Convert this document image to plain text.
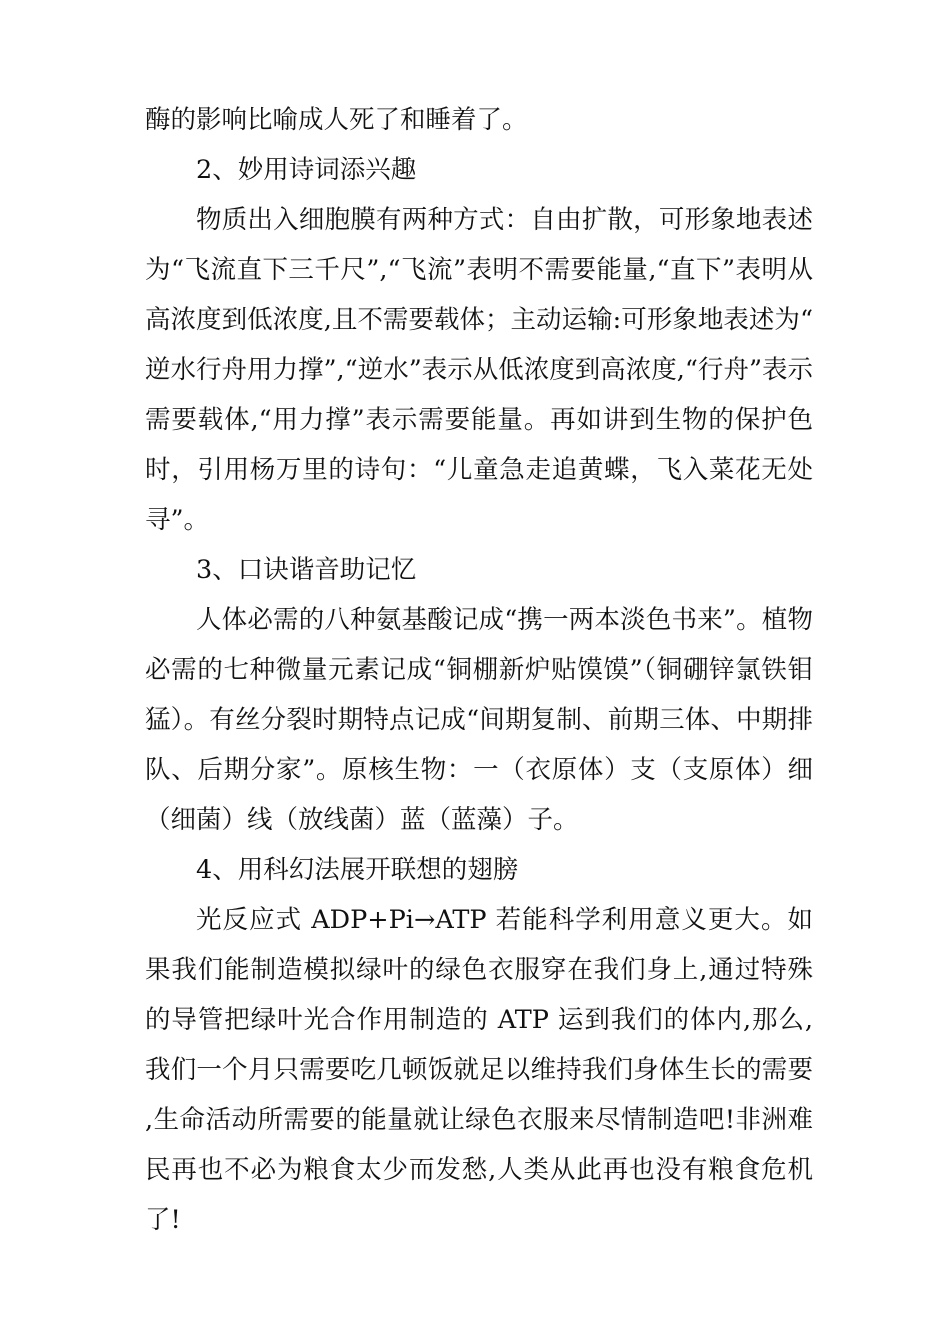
酶的影响比喻成人死了和睡着了。

2、妙用诗词添兴趣

物质出入细胞膜有两种方式：自由扩散，可形象地表述为“飞流直下三千尺”,“飞流”表明不需要能量,“直下”表明从高浓度到低浓度,且不需要载体；主动运输:可形象地表述为“逆水行舟用力撑”,“逆水”表示从低浓度到高浓度,“行舟”表示需要载体,“用力撑”表示需要能量。再如讲到生物的保护色时，引用杨万里的诗句：“儿童急走追黄蝶，飞入菜花无处寻”。

3、口诀谐音助记忆

人体必需的八种氨基酸记成“携一两本淡色书来”。植物必需的七种微量元素记成“铜棚新炉贴馍馍”（铜硼锌氯铁钼猛）。有丝分裂时期特点记成“间期复制、前期三体、中期排队、后期分家”。原核生物：一（衣原体）支（支原体）细（细菌）线（放线菌）蓝（蓝藻）子。

4、用科幻法展开联想的翅膀

光反应式 ADP+Pi→ATP 若能科学利用意义更大。如果我们能制造模拟绿叶的绿色衣服穿在我们身上,通过特殊的导管把绿叶光合作用制造的 ATP 运到我们的体内,那么,我们一个月只需要吃几顿饭就足以维持我们身体生长的需要,生命活动所需要的能量就让绿色衣服来尽情制造吧!非洲难民再也不必为粮食太少而发愁,人类从此再也没有粮食危机了!
